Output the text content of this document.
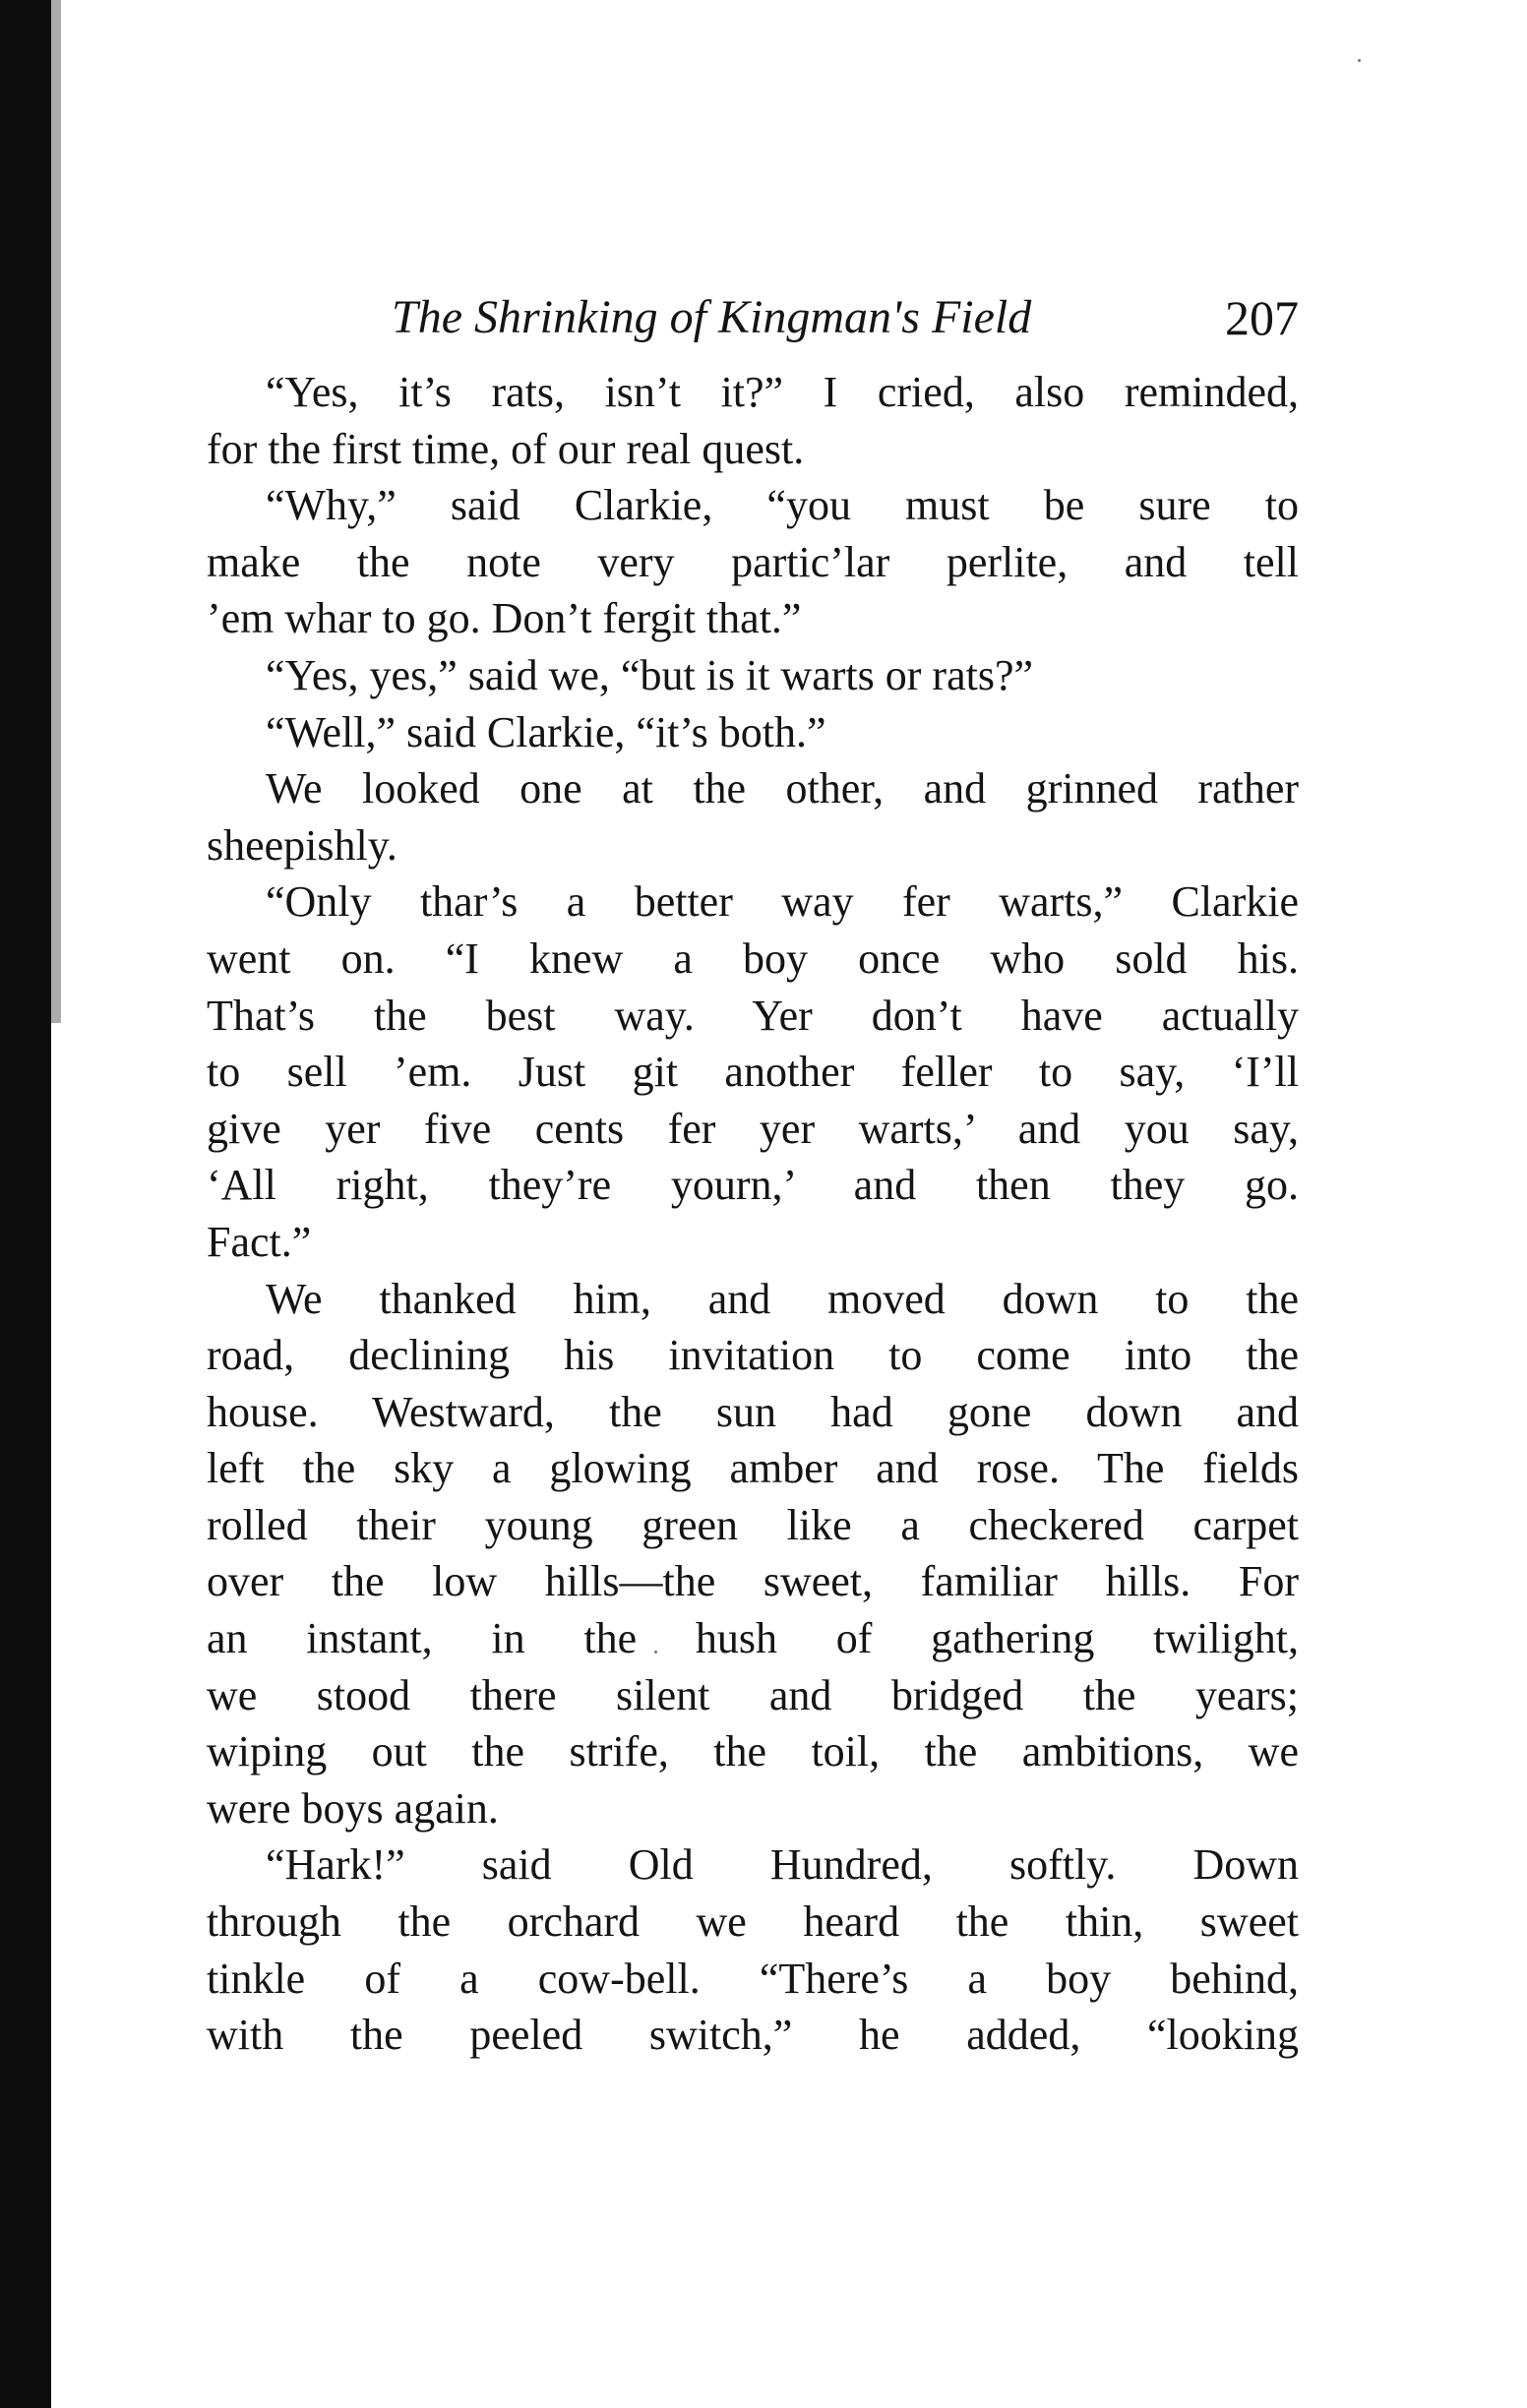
The Shrinking of Kingman's Field	207

“Yes, it’s rats, isn’t it?” I cried, also reminded,
for the first time, of our real quest.

“Why,” said Clarkie, “you must be sure to
make the note very partic’lar perlite, and tell
’em whar to go. Don’t fergit that.”

“Yes, yes,” said we, “but is it warts or rats?”

“Well,” said Clarkie, “it’s both.”

We looked one at the other, and grinned rather
sheepishly.

“Only thar’s a better way fer warts,” Clarkie
went on. “I knew a boy once who sold his.
That’s the best way. Yer don’t have actually
to sell ’em. Just git another feller to say, ‘I’ll
give yer five cents fer yer warts,’ and you say,
‘All right, they’re yourn,’ and then they go.
Fact.”

We thanked him, and moved down to the
road, declining his invitation to come into the
house. Westward, the sun had gone down and
left the sky a glowing amber and rose. The fields
rolled their young green like a checkered carpet
over the low hills—the sweet, familiar hills. For
an instant, in the hush of gathering twilight,
we stood there silent and bridged the years;
wiping out the strife, the toil, the ambitions, we
were boys again.

“Hark!” said Old Hundred, softly. Down
through the orchard we heard the thin, sweet
tinkle of a cow-bell. “There’s a boy behind,
with the peeled switch,” he added, “looking
